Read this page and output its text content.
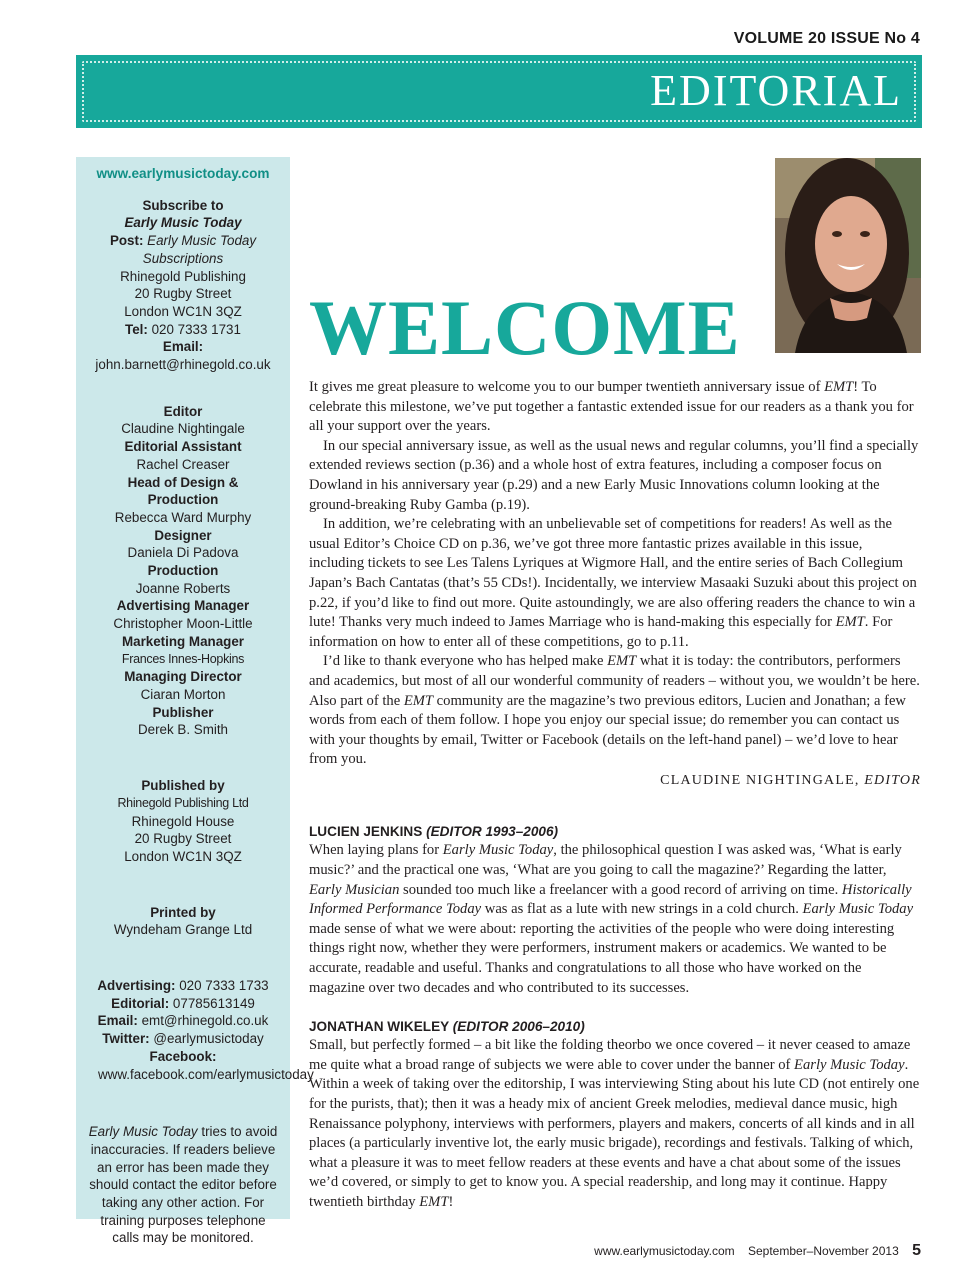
VOLUME 20 ISSUE No 4
EDITORIAL
www.earlymusictoday.com
Subscribe to
Early Music Today
Post: Early Music Today Subscriptions
Rhinegold Publishing
20 Rugby Street
London WC1N 3QZ
Tel: 020 7333 1731
Email: john.barnett@rhinegold.co.uk
Editor
Claudine Nightingale
Editorial Assistant
Rachel Creaser
Head of Design & Production
Rebecca Ward Murphy
Designer
Daniela Di Padova
Production
Joanne Roberts
Advertising Manager
Christopher Moon-Little
Marketing Manager
Frances Innes-Hopkins
Managing Director
Ciaran Morton
Publisher
Derek B. Smith
Published by
Rhinegold Publishing Ltd
Rhinegold House
20 Rugby Street
London WC1N 3QZ
Printed by
Wyndeham Grange Ltd
Advertising: 020 7333 1733
Editorial: 07785613149
Email: emt@rhinegold.co.uk
Twitter: @earlymusictoday
Facebook: www.facebook.com/earlymusictoday
Early Music Today tries to avoid inaccuracies. If readers believe an error has been made they should contact the editor before taking any other action. For training purposes telephone calls may be monitored.
WELCOME

It gives me great pleasure to welcome you to our bumper twentieth anniversary issue of EMT! To celebrate this milestone, we’ve put together a fantastic extended issue for our readers as a thank you for all your support over the years.

In our special anniversary issue, as well as the usual news and regular columns, you’ll find a specially extended reviews section (p.36) and a whole host of extra features, including a composer focus on Dowland in his anniversary year (p.29) and a new Early Music Innovations column looking at the ground-breaking Ruby Gamba (p.19).

In addition, we’re celebrating with an unbelievable set of competitions for readers! As well as the usual Editor’s Choice CD on p.36, we’ve got three more fantastic prizes available in this issue, including tickets to see Les Talens Lyriques at Wigmore Hall, and the entire series of Bach Collegium Japan’s Bach Cantatas (that’s 55 CDs!). Incidentally, we interview Masaaki Suzuki about this project on p.22, if you’d like to find out more. Quite astoundingly, we are also offering readers the chance to win a lute! Thanks very much indeed to James Marriage who is hand-making this especially for EMT. For information on how to enter all of these competitions, go to p.11.

I’d like to thank everyone who has helped make EMT what it is today: the contributors, performers and academics, but most of all our wonderful community of readers – without you, we wouldn’t be here. Also part of the EMT community are the magazine’s two previous editors, Lucien and Jonathan; a few words from each of them follow. I hope you enjoy our special issue; do remember you can contact us with your thoughts by email, Twitter or Facebook (details on the left-hand panel) – we’d love to hear from you.

CLAUDINE NIGHTINGALE, EDITOR
LUCIEN JENKINS (EDITOR 1993–2006)

When laying plans for Early Music Today, the philosophical question I was asked was, ‘What is early music?’ and the practical one was, ‘What are you going to call the magazine?’ Regarding the latter, Early Musician sounded too much like a freelancer with a good record of arriving on time. Historically Informed Performance Today was as flat as a lute with new strings in a cold church. Early Music Today made sense of what we were about: reporting the activities of the people who were doing interesting things right now, whether they were performers, instrument makers or academics. We wanted to be accurate, readable and useful. Thanks and congratulations to all those who have worked on the magazine over two decades and who contributed to its successes.

JONATHAN WIKELEY (EDITOR 2006–2010)

Small, but perfectly formed – a bit like the folding theorbo we once covered – it never ceased to amaze me quite what a broad range of subjects we were able to cover under the banner of Early Music Today. Within a week of taking over the editorship, I was interviewing Sting about his lute CD (not entirely one for the purists, that); then it was a heady mix of ancient Greek melodies, medieval dance music, high Renaissance polyphony, interviews with performers, players and makers, concerts of all kinds and in all places (a particularly inventive lot, the early music brigade), recordings and festivals. Talking of which, what a pleasure it was to meet fellow readers at these events and have a chat about some of the issues we’d covered, or simply to get to know you. A special readership, and long may it continue. Happy twentieth birthday EMT!

www.earlymusictoday.com September–November 2013 5
